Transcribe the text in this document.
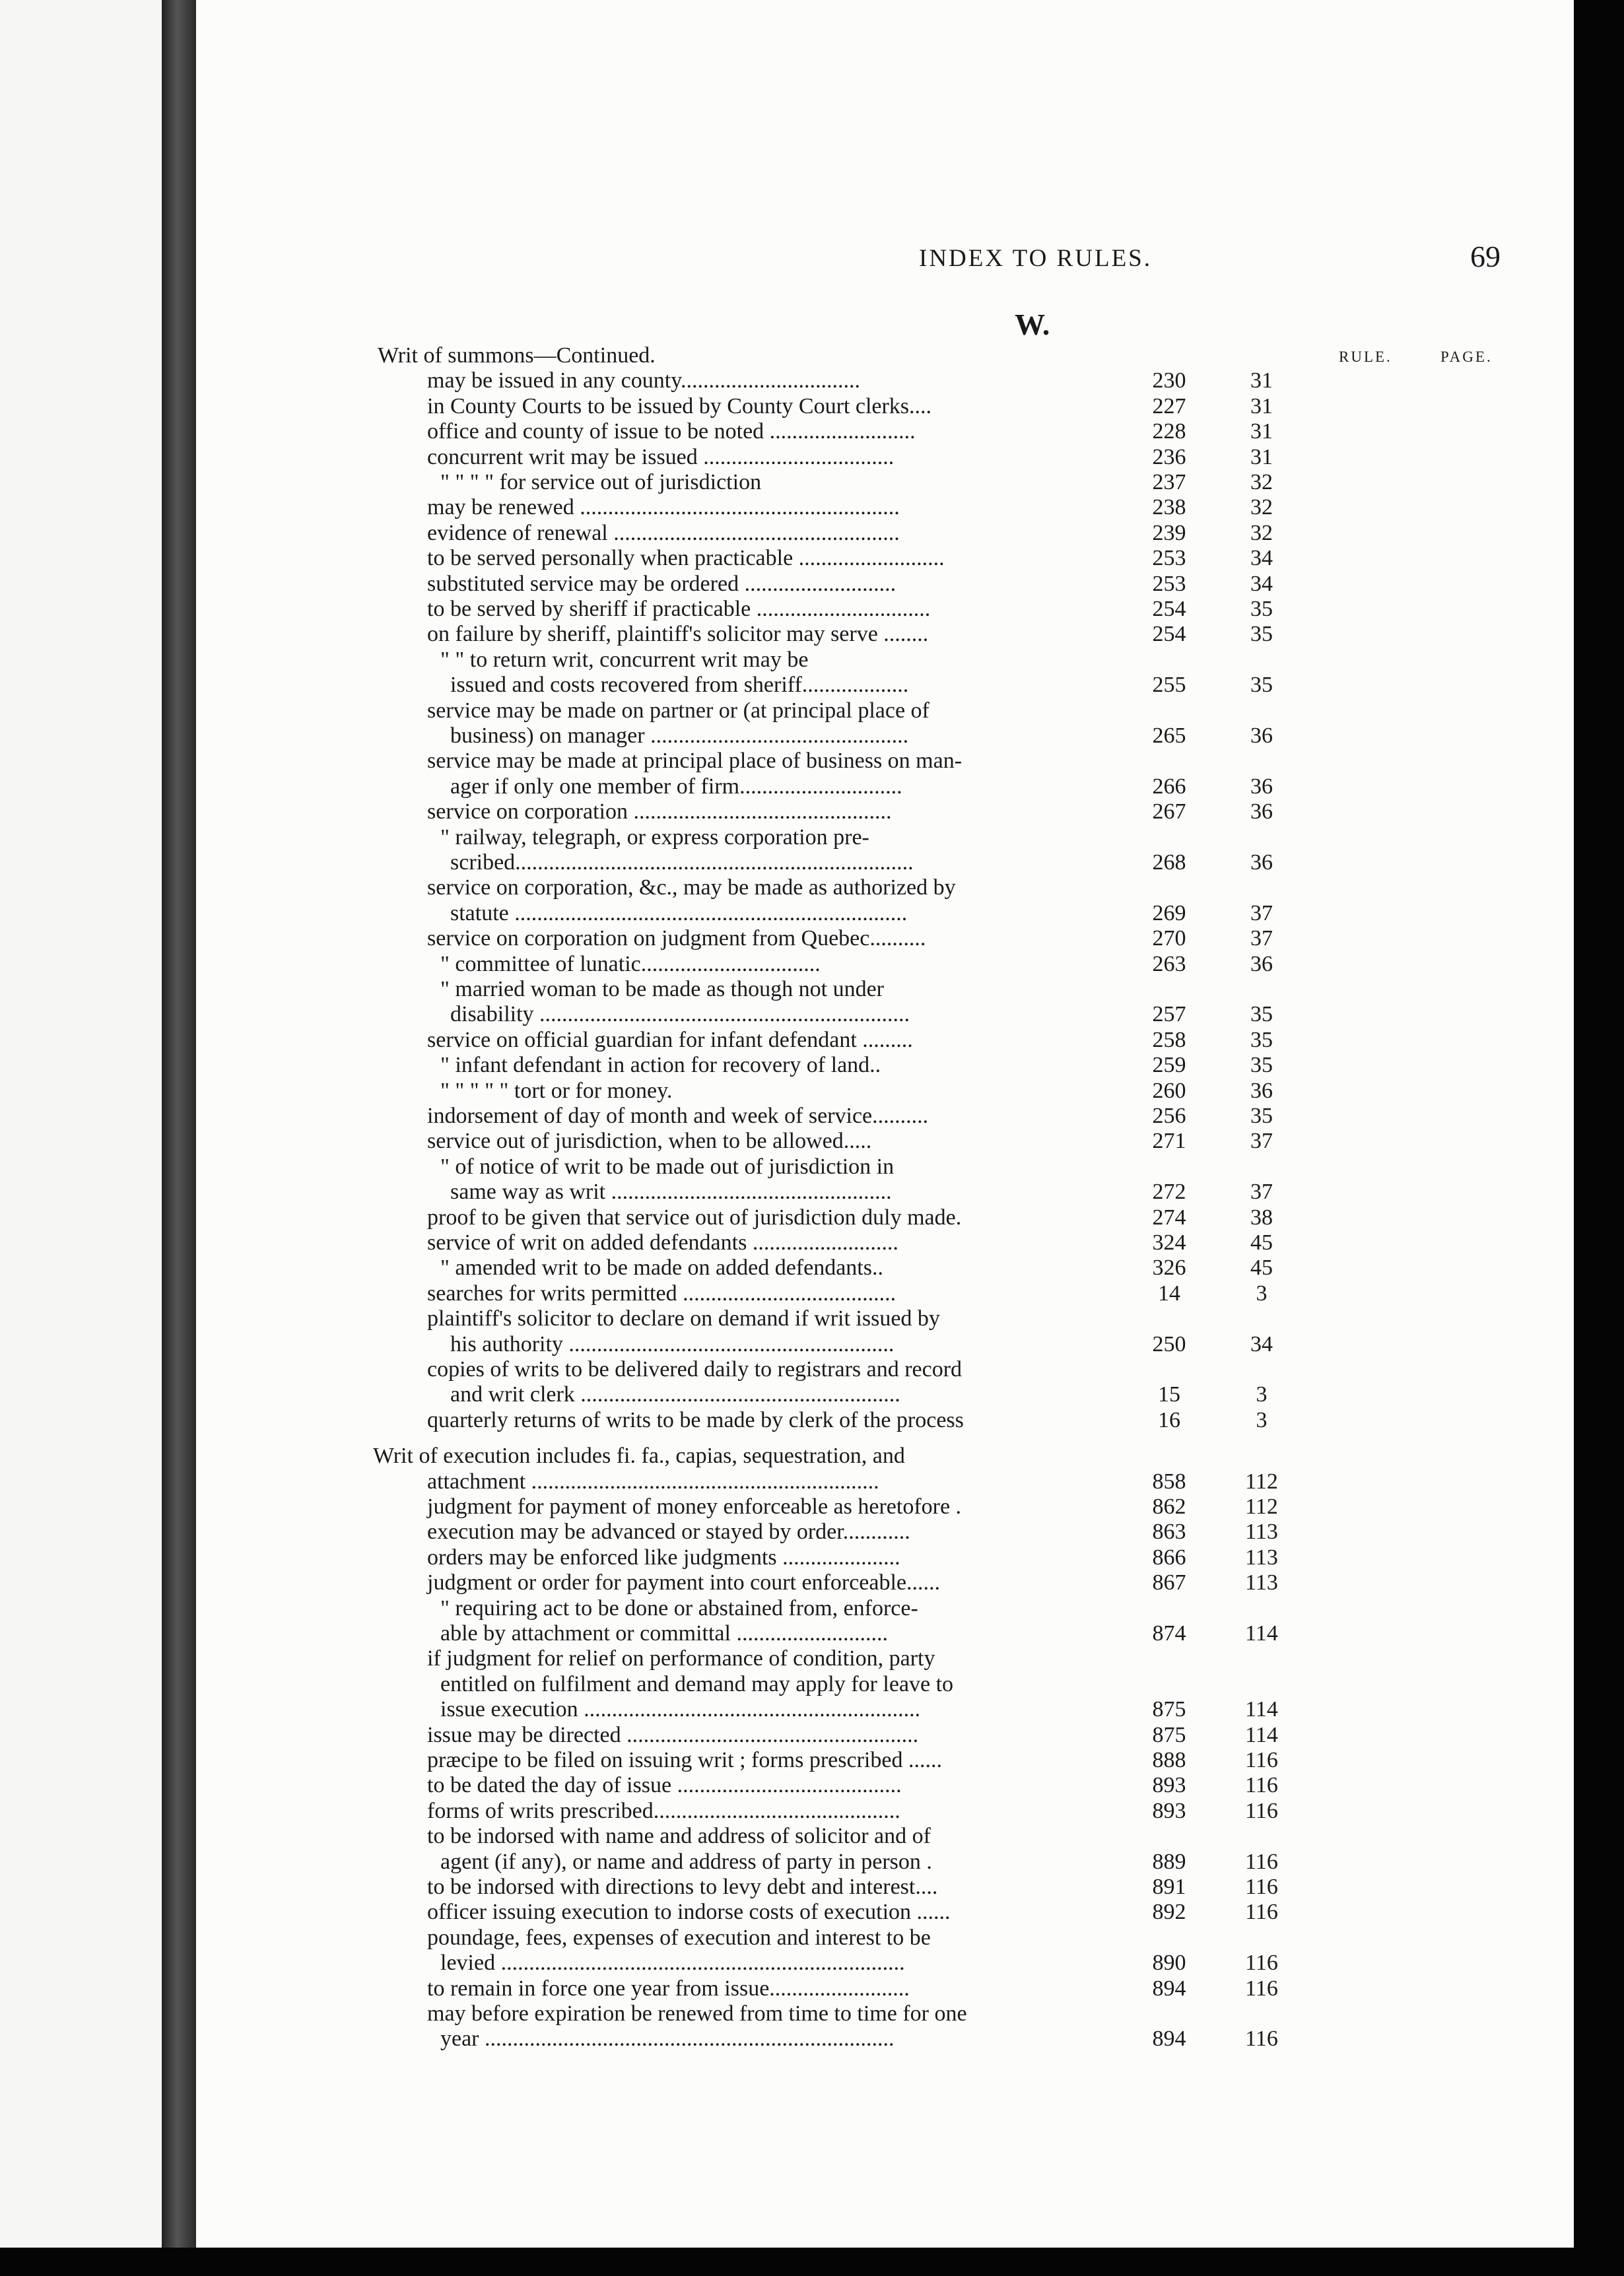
INDEX TO RULES.	69
W.
RULE.	PAGE.
Writ of summons—Continued.
may be issued in any county................................	230	31
in County Courts to be issued by County Court clerks....	227	31
office and county of issue to be noted ..........................	228	31
concurrent writ may be issued ..................................	236	31
" " " " for service out of jurisdiction	237	32
may be renewed .........................................................	238	32
evidence of renewal ...................................................	239	32
to be served personally when practicable ..........................	253	34
substituted service may be ordered ...........................	253	34
to be served by sheriff if practicable ...............................	254	35
on failure by sheriff, plaintiff's solicitor may serve ........	254	35
" " to return writ, concurrent writ may be
issued and costs recovered from sheriff...................	255	35
service may be made on partner or (at principal place of
business) on manager ..............................................	265	36
service may be made at principal place of business on man-
ager if only one member of firm.............................	266	36
service on corporation ..............................................	267	36
" railway, telegraph, or express corporation pre-
scribed.......................................................................	268	36
service on corporation, &c., may be made as authorized by
statute ......................................................................	269	37
service on corporation on judgment from Quebec..........	270	37
" committee of lunatic................................	263	36
" married woman to be made as though not under
disability ..................................................................	257	35
service on official guardian for infant defendant .........	258	35
" infant defendant in action for recovery of land..	259	35
" " " " " tort or for money.	260	36
indorsement of day of month and week of service..........	256	35
service out of jurisdiction, when to be allowed.....	271	37
" of notice of writ to be made out of jurisdiction in
same way as writ ..................................................	272	37
proof to be given that service out of jurisdiction duly made.	274	38
service of writ on added defendants ..........................	324	45
" amended writ to be made on added defendants..	326	45
searches for writs permitted ......................................	14	3
plaintiff's solicitor to declare on demand if writ issued by
his authority ..........................................................	250	34
copies of writs to be delivered daily to registrars and record
and writ clerk .........................................................	15	3
quarterly returns of writs to be made by clerk of the process	16	3
Writ of execution includes fi. fa., capias, sequestration, and
attachment ..............................................................	858	112
judgment for payment of money enforceable as heretofore .	862	112
execution may be advanced or stayed by order............	863	113
orders may be enforced like judgments .....................	866	113
judgment or order for payment into court enforceable......	867	113
" requiring act to be done or abstained from, enforce-
able by attachment or committal ...........................	874	114
if judgment for relief on performance of condition, party
entitled on fulfilment and demand may apply for leave to
issue execution ............................................................	875	114
issue may be directed ....................................................	875	114
præcipe to be filed on issuing writ ; forms prescribed ......	888	116
to be dated the day of issue ........................................	893	116
forms of writs prescribed............................................	893	116
to be indorsed with name and address of solicitor and of
agent (if any), or name and address of party in person .	889	116
to be indorsed with directions to levy debt and interest....	891	116
officer issuing execution to indorse costs of execution ......	892	116
poundage, fees, expenses of execution and interest to be
levied ........................................................................	890	116
to remain in force one year from issue.........................	894	116
may before expiration be renewed from time to time for one
year .........................................................................	894	116
